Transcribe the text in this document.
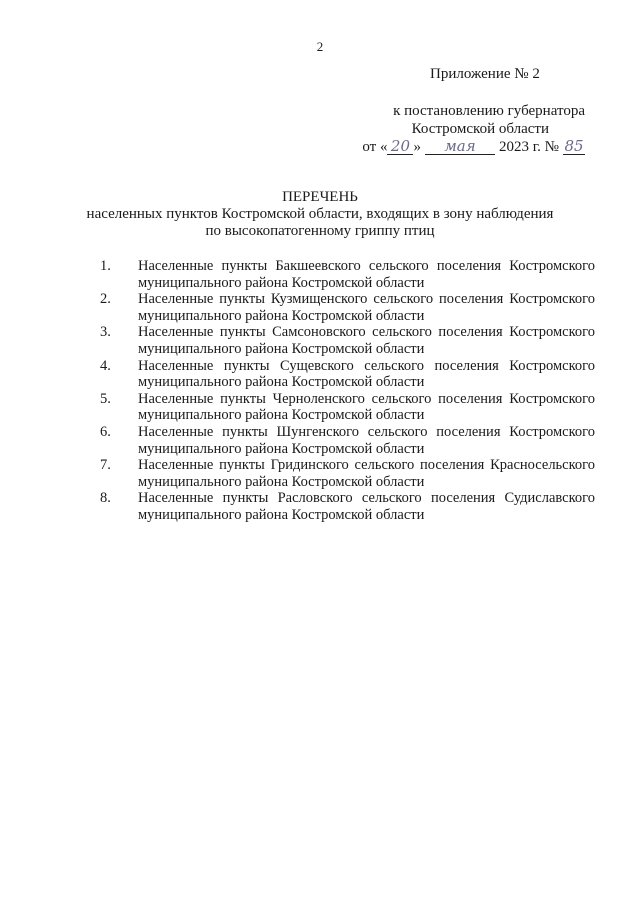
2
Приложение № 2
к постановлению губернатора
Костромской области
от « 20 »	мая	2023 г. № 85
ПЕРЕЧЕНЬ
населенных пунктов Костромской области, входящих в зону наблюдения
по высокопатогенному гриппу птиц
1.	Населенные пункты Бакшеевского сельского поселения Костромского муниципального района Костромской области
2.	Населенные пункты Кузмищенского сельского поселения Костромского муниципального района Костромской области
3.	Населенные пункты Самсоновского сельского поселения Костромского муниципального района Костромской области
4.	Населенные пункты Сущевского сельского поселения Костромского муниципального района Костромской области
5.	Населенные пункты Черноленского сельского поселения Костромского муниципального района Костромской области
6.	Населенные пункты Шунгенского сельского поселения Костромского муниципального района Костромской области
7.	Населенные пункты Гридинского сельского поселения Красносельского муниципального района Костромской области
8.	Населенные пункты Расловского сельского поселения Судиславского муниципального района Костромской области
